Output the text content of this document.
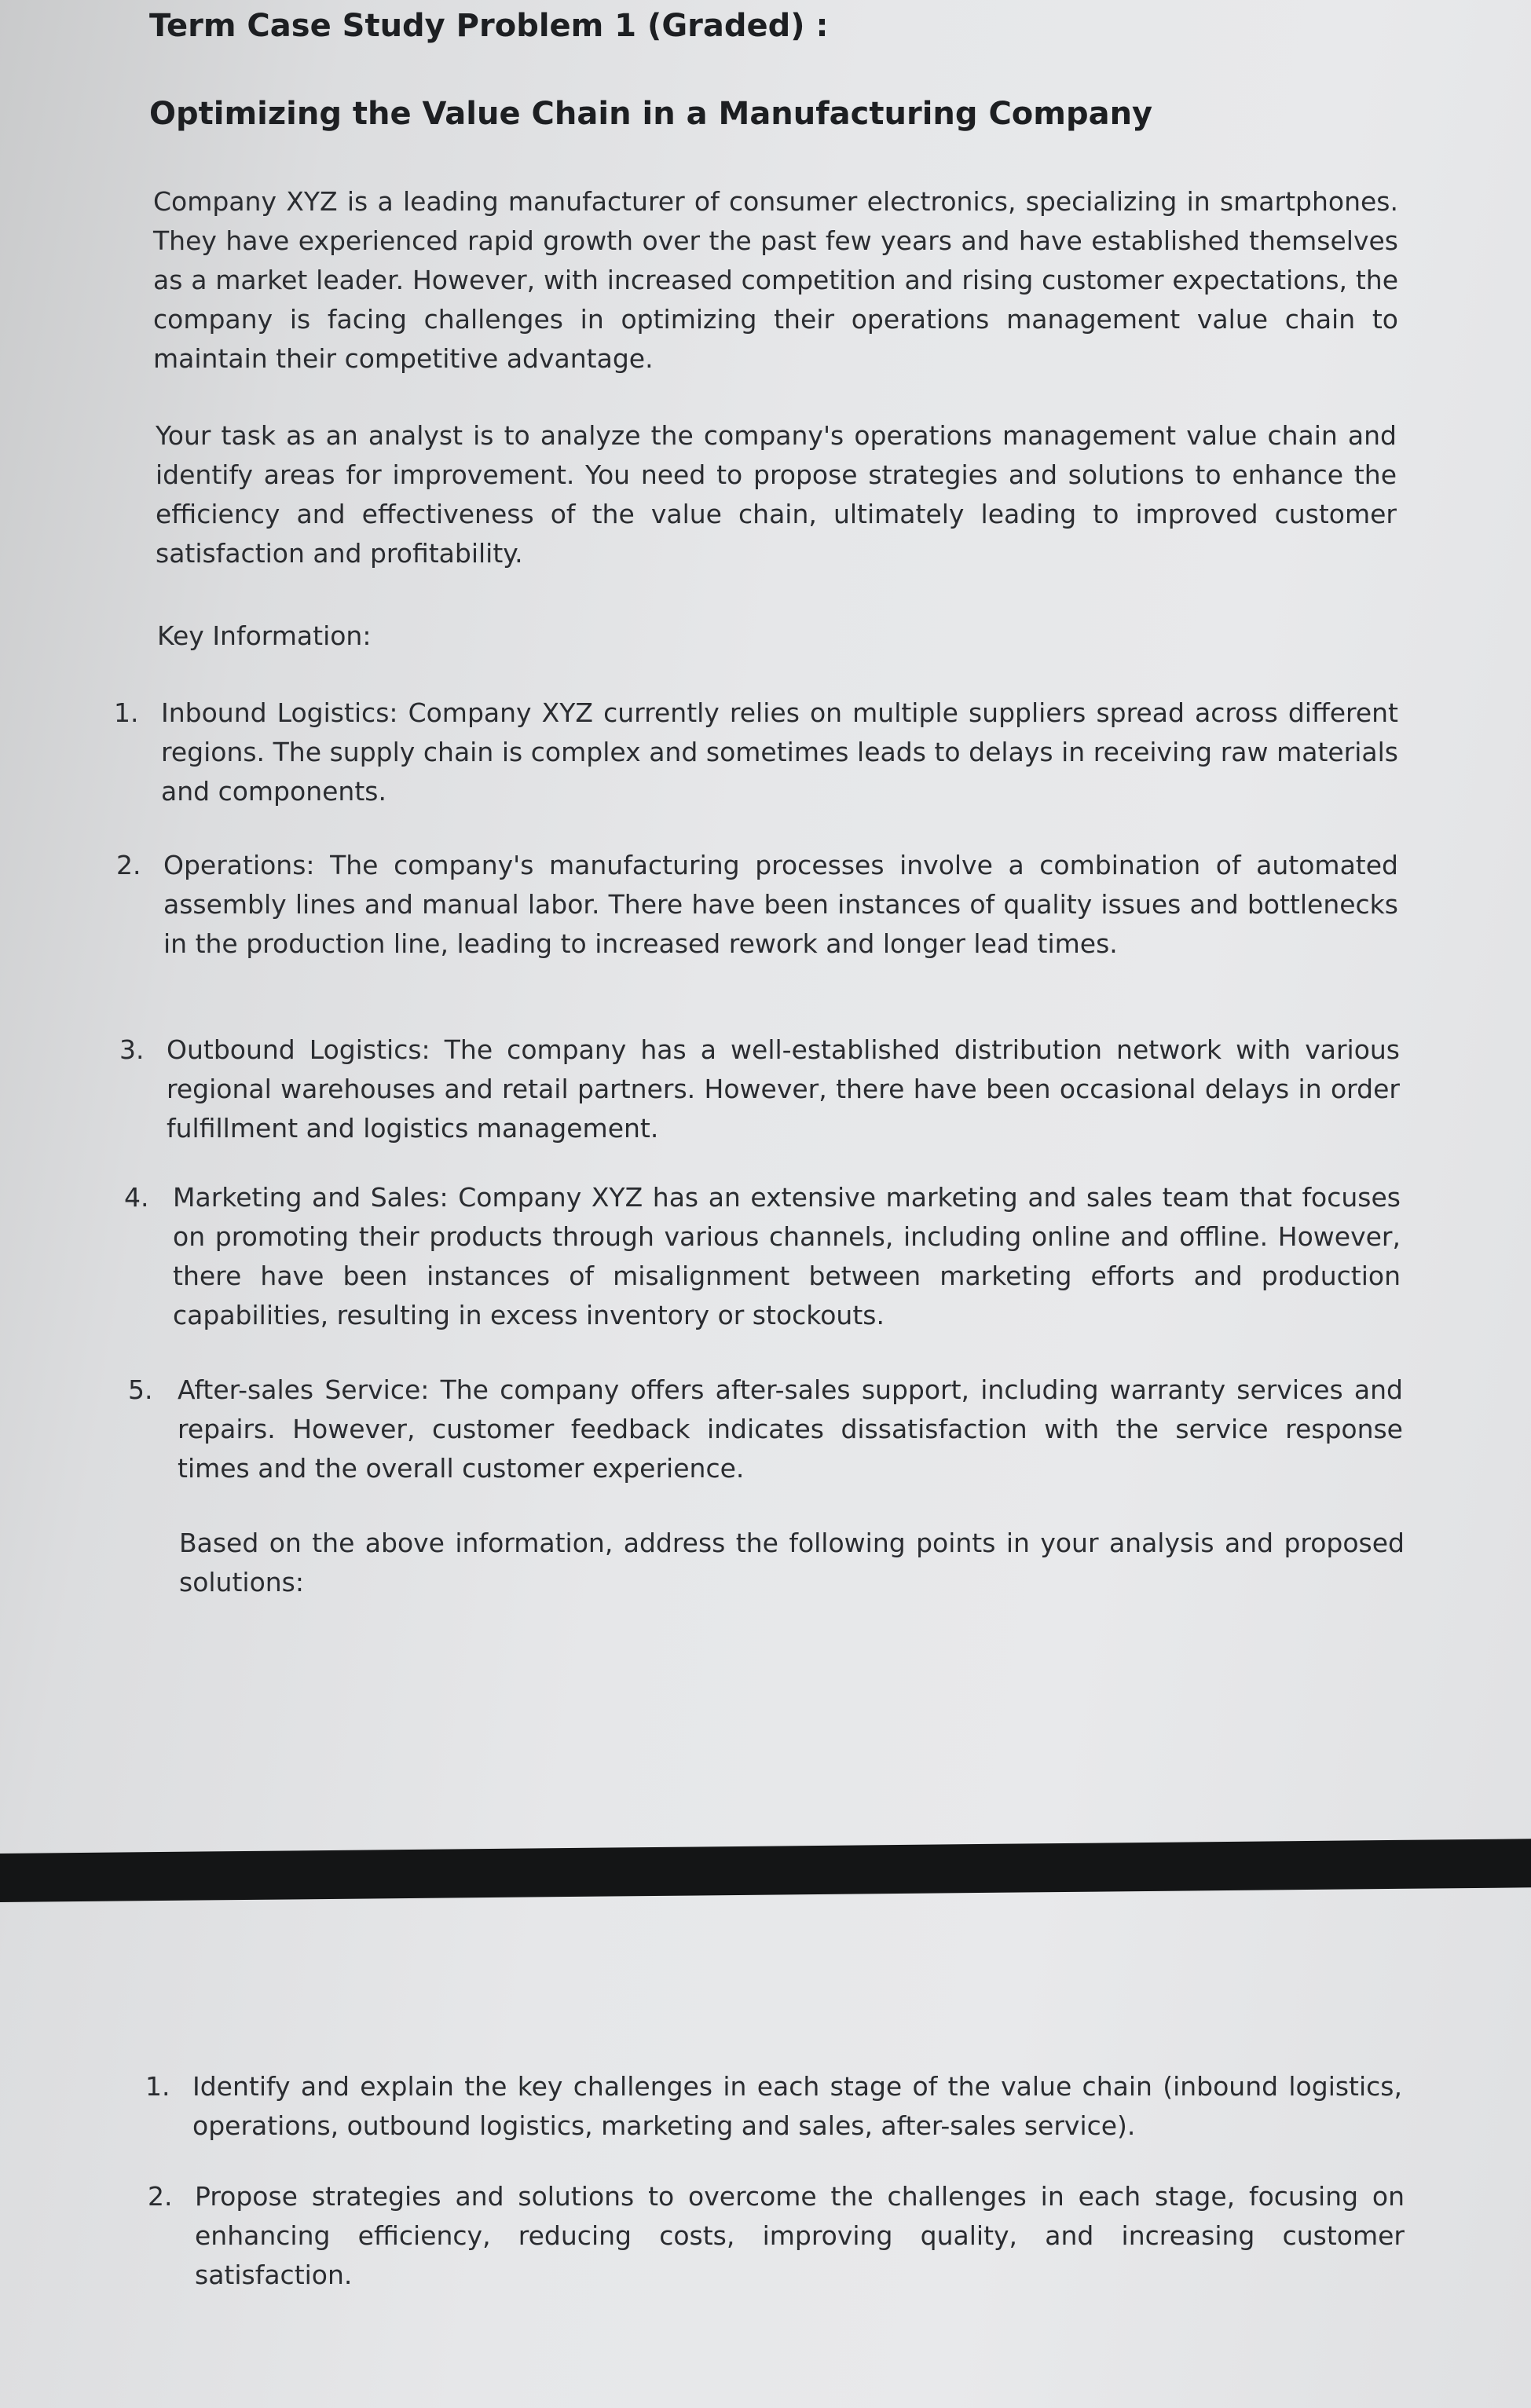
Term Case Study Problem 1 (Graded) :
Optimizing the Value Chain in a Manufacturing Company

Company XYZ is a leading manufacturer of consumer electronics, specializing in smartphones. They have experienced rapid growth over the past few years and have established themselves as a market leader. However, with increased competition and rising customer expectations, the company is facing challenges in optimizing their operations management value chain to maintain their competitive advantage.

Your task as an analyst is to analyze the company's operations management value chain and identify areas for improvement. You need to propose strategies and solutions to enhance the efficiency and effectiveness of the value chain, ultimately leading to improved customer satisfaction and profitability.

Key Information:

1. Inbound Logistics: Company XYZ currently relies on multiple suppliers spread across different regions. The supply chain is complex and sometimes leads to delays in receiving raw materials and components.
2. Operations: The company's manufacturing processes involve a combination of automated assembly lines and manual labor. There have been instances of quality issues and bottlenecks in the production line, leading to increased rework and longer lead times.
3. Outbound Logistics: The company has a well-established distribution network with various regional warehouses and retail partners. However, there have been occasional delays in order fulfillment and logistics management.
4. Marketing and Sales: Company XYZ has an extensive marketing and sales team that focuses on promoting their products through various channels, including online and offline. However, there have been instances of misalignment between marketing efforts and production capabilities, resulting in excess inventory or stockouts.
5. After-sales Service: The company offers after-sales support, including warranty services and repairs. However, customer feedback indicates dissatisfaction with the service response times and the overall customer experience.

Based on the above information, address the following points in your analysis and proposed solutions:

1. Identify and explain the key challenges in each stage of the value chain (inbound logistics, operations, outbound logistics, marketing and sales, after-sales service).
2. Propose strategies and solutions to overcome the challenges in each stage, focusing on enhancing efficiency, reducing costs, improving quality, and increasing customer satisfaction.
